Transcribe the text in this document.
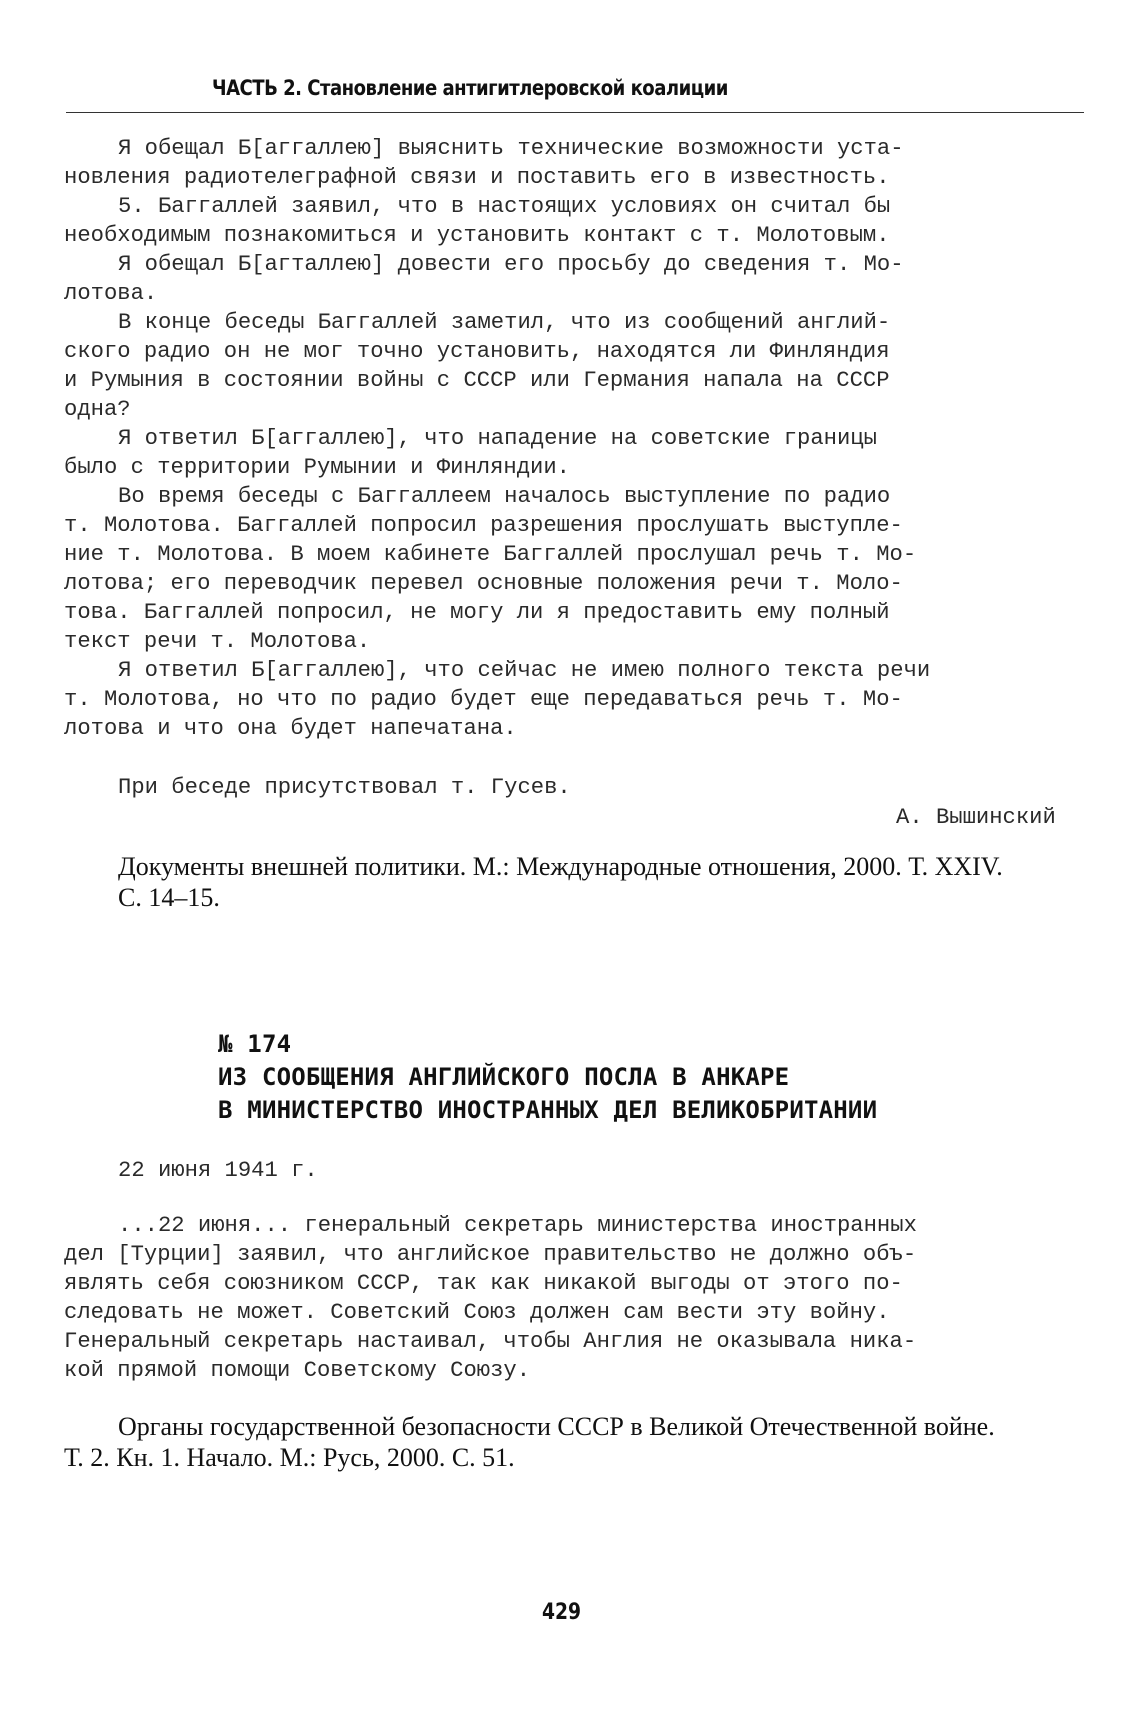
ЧАСТЬ 2. Становление антигитлеровской коалиции
Я обещал Б[аггаллею] выяснить технические возможности уста-
новления радиотелеграфной связи и поставить его в известность.
5. Баггаллей заявил, что в настоящих условиях он считал бы
необходимым познакомиться и установить контакт с т. Молотовым.
Я обещал Б[агталлею] довести его просьбу до сведения т. Мо-
лотова.
В конце беседы Баггаллей заметил, что из сообщений англий-
ского радио он не мог точно установить, находятся ли Финляндия
и Румыния в состоянии войны с СССР или Германия напала на СССР
одна?
Я ответил Б[аггаллею], что нападение на советские границы
было с территории Румынии и Финляндии.
Во время беседы с Баггаллеем началось выступление по радио
т. Молотова. Баггаллей попросил разрешения прослушать выступле-
ние т. Молотова. В моем кабинете Баггаллей прослушал речь т. Мо-
лотова; его переводчик перевел основные положения речи т. Моло-
това. Баггаллей попросил, не могу ли я предоставить ему полный
текст речи т. Молотова.
Я ответил Б[аггаллею], что сейчас не имею полного текста речи
т. Молотова, но что по радио будет еще передаваться речь т. Мо-
лотова и что она будет напечатана.
При беседе присутствовал т. Гусев.
А. Вышинский
Документы внешней политики. М.: Международные отношения, 2000. Т. XXIV.
С. 14–15.
№ 174
ИЗ СООБЩЕНИЯ АНГЛИЙСКОГО ПОСЛА В АНКАРЕ
В МИНИСТЕРСТВО ИНОСТРАННЫХ ДЕЛ ВЕЛИКОБРИТАНИИ
22 июня 1941 г.
...22 июня... генеральный секретарь министерства иностранных
дел [Турции] заявил, что английское правительство не должно объ-
являть себя союзником СССР, так как никакой выгоды от этого по-
следовать не может. Советский Союз должен сам вести эту войну.
Генеральный секретарь настаивал, чтобы Англия не оказывала ника-
кой прямой помощи Советскому Союзу.
Органы государственной безопасности СССР в Великой Отечественной войне.
Т. 2. Кн. 1. Начало. М.: Русь, 2000. С. 51.
429
